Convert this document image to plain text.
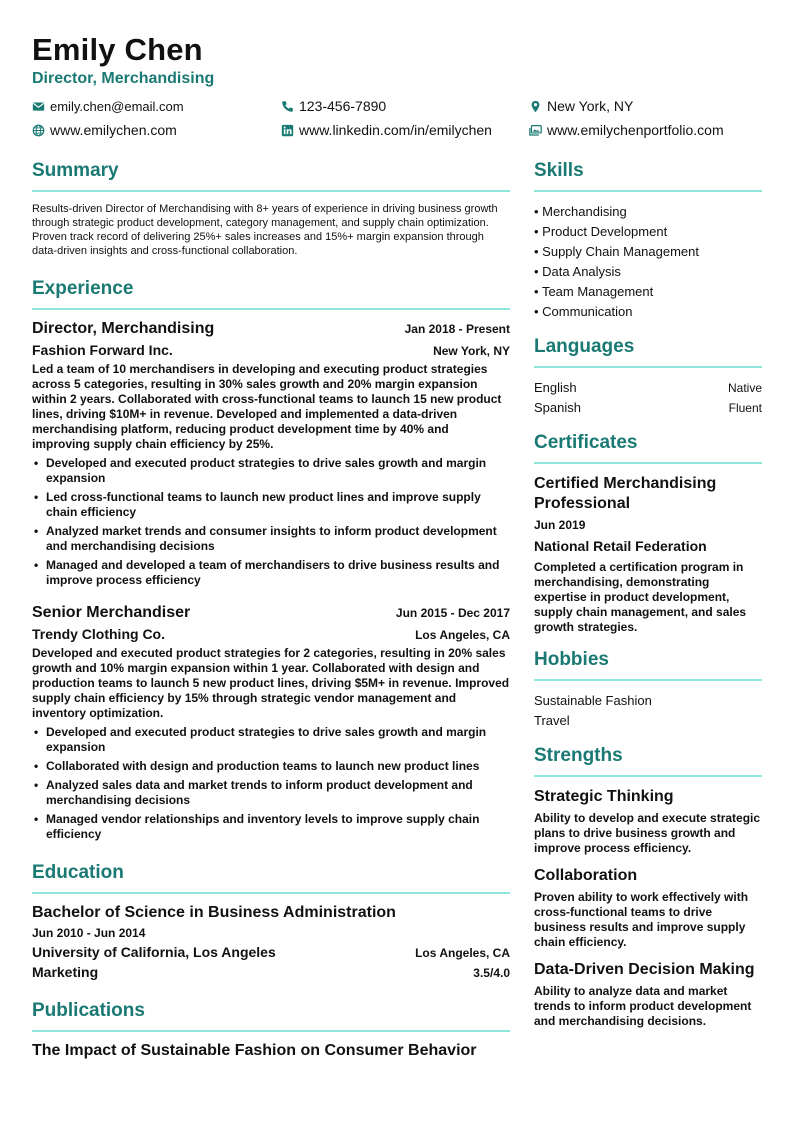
Emily Chen
Director, Merchandising
emily.chen@email.com	123-456-7890	New York, NY
www.emilychen.com	www.linkedin.com/in/emilychen	www.emilychenportfolio.com
Summary

Results-driven Director of Merchandising with 8+ years of experience in driving business growth through strategic product development, category management, and supply chain optimization. Proven track record of delivering 25%+ sales increases and 15%+ margin expansion through data-driven insights and cross-functional collaboration.

Experience
Director, Merchandising	Jan 2018 - Present
Fashion Forward Inc.	New York, NY

Led a team of 10 merchandisers in developing and executing product strategies across 5 categories, resulting in 30% sales growth and 20% margin expansion within 2 years. Collaborated with cross-functional teams to launch 15 new product lines, driving $10M+ in revenue. Developed and implemented a data-driven merchandising platform, reducing product development time by 40% and improving supply chain efficiency by 25%.

• Developed and executed product strategies to drive sales growth and margin expansion
• Led cross-functional teams to launch new product lines and improve supply chain efficiency
• Analyzed market trends and consumer insights to inform product development and merchandising decisions
• Managed and developed a team of merchandisers to drive business results and improve process efficiency
Senior Merchandiser	Jun 2015 - Dec 2017
Trendy Clothing Co.	Los Angeles, CA

Developed and executed product strategies for 2 categories, resulting in 20% sales growth and 10% margin expansion within 1 year. Collaborated with design and production teams to launch 5 new product lines, driving $5M+ in revenue. Improved supply chain efficiency by 15% through strategic vendor management and inventory optimization.

• Developed and executed product strategies to drive sales growth and margin expansion
• Collaborated with design and production teams to launch new product lines
• Analyzed sales data and market trends to inform product development and merchandising decisions
• Managed vendor relationships and inventory levels to improve supply chain efficiency
Education
Bachelor of Science in Business Administration
Jun 2010 - Jun 2014
University of California, Los Angeles	Los Angeles, CA
Marketing	3.5/4.0
Publications
The Impact of Sustainable Fashion on Consumer Behavior
Skills
• Merchandising
• Product Development
• Supply Chain Management
• Data Analysis
• Team Management
• Communication
Languages
English	Native
Spanish	Fluent
Certificates
Certified Merchandising Professional
Jun 2019
National Retail Federation

Completed a certification program in merchandising, demonstrating expertise in product development, supply chain management, and sales growth strategies.

Hobbies
Sustainable Fashion
Travel
Strengths
Strategic Thinking

Ability to develop and execute strategic plans to drive business growth and improve process efficiency.

Collaboration

Proven ability to work effectively with cross-functional teams to drive business results and improve supply chain efficiency.

Data-Driven Decision Making

Ability to analyze data and market trends to inform product development and merchandising decisions.
